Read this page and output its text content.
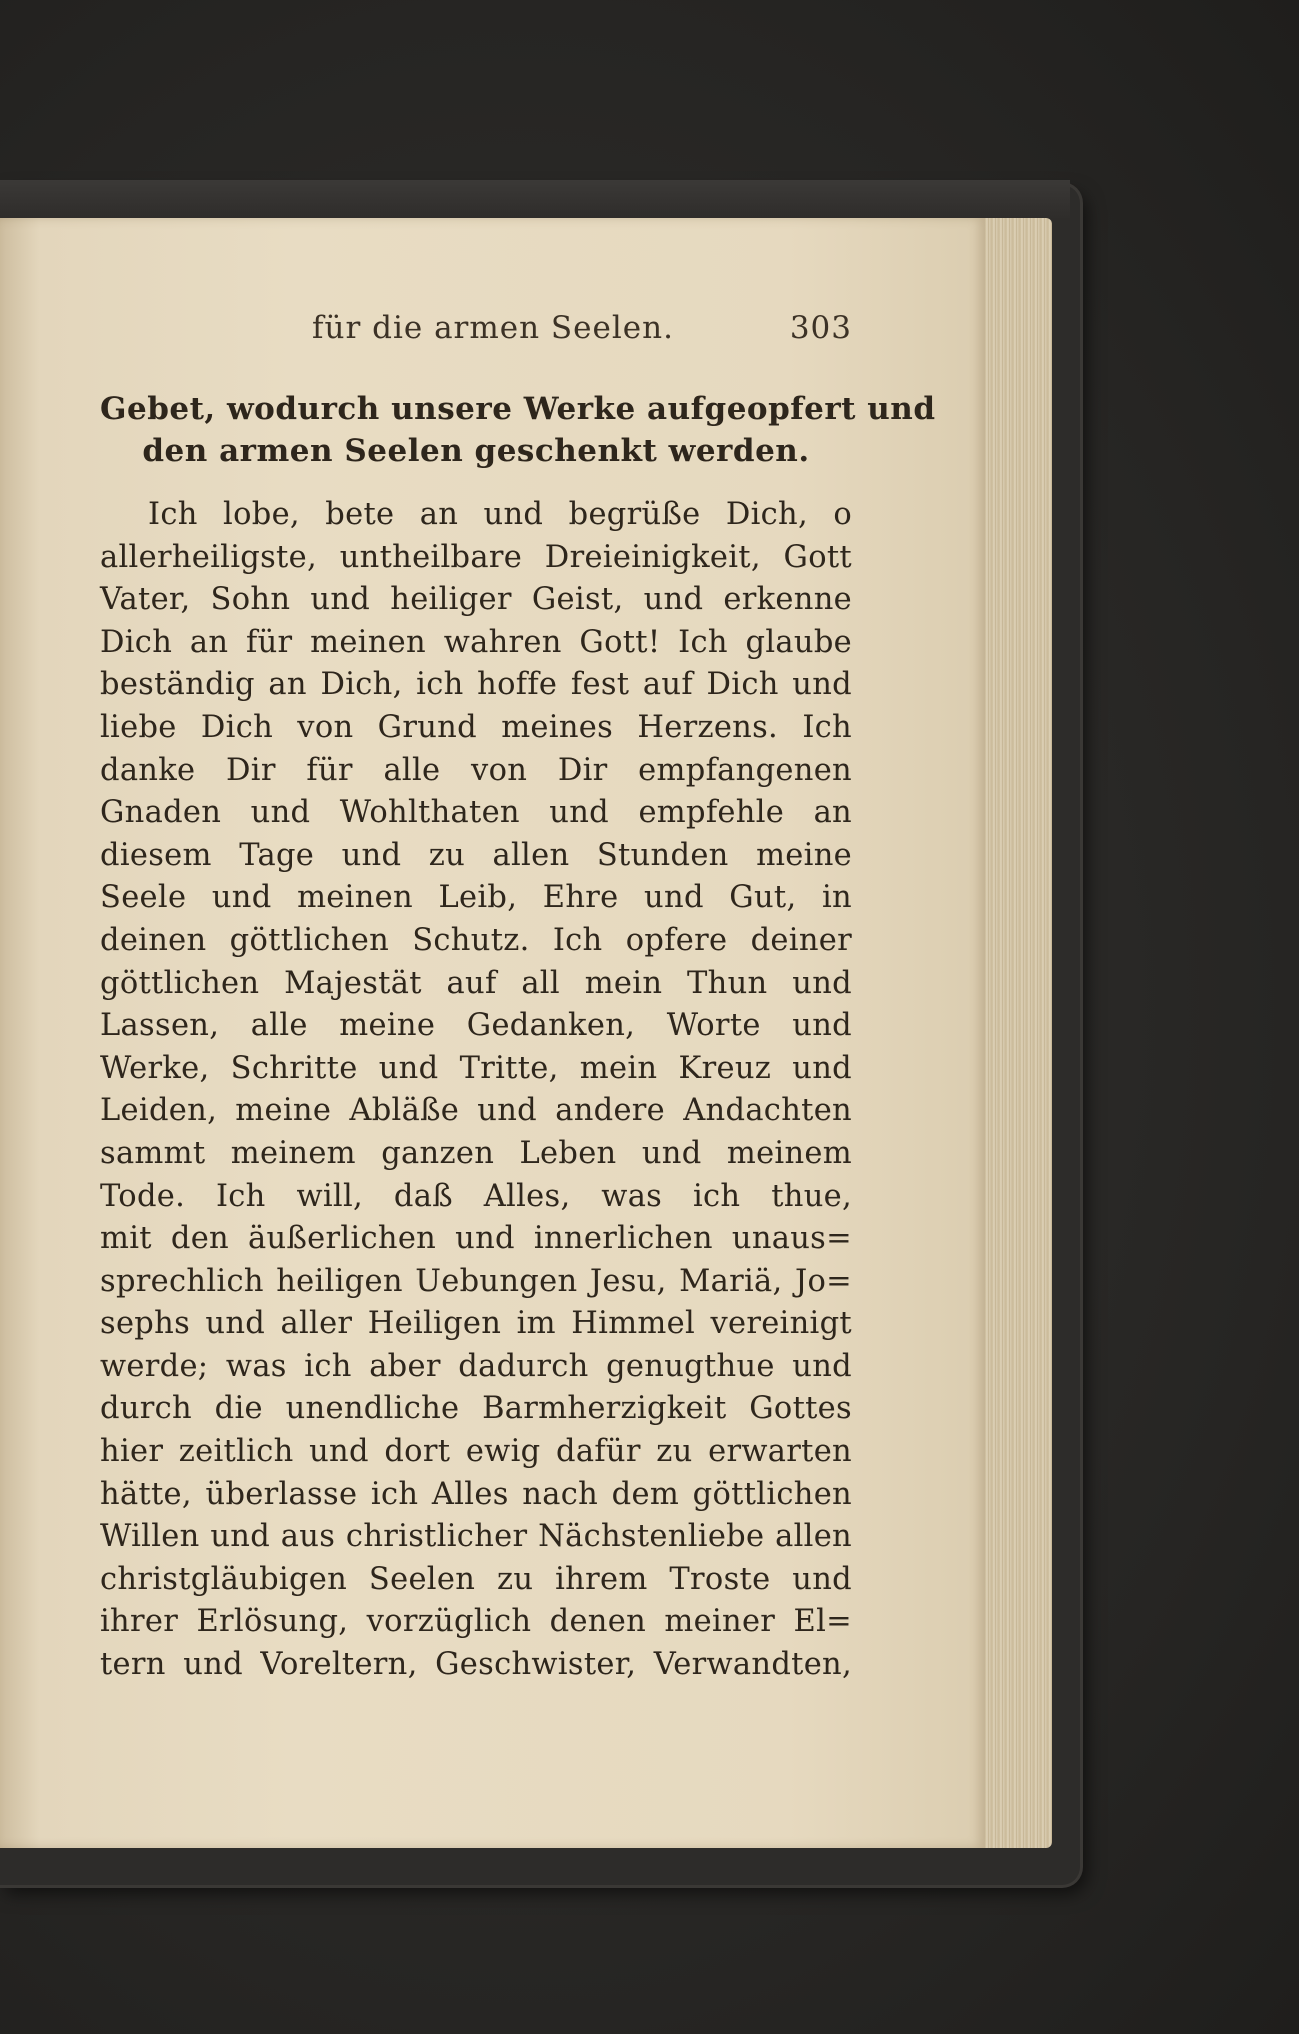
für die armen Seelen.	303
Gebet, wodurch unsere Werke aufgeopfert und
den armen Seelen geschenkt werden.
Ich lobe, bete an und begrüße Dich, o
allerheiligste, untheilbare Dreieinigkeit, Gott
Vater, Sohn und heiliger Geist, und erkenne
Dich an für meinen wahren Gott! Ich glaube
beständig an Dich, ich hoffe fest auf Dich und
liebe Dich von Grund meines Herzens. Ich
danke Dir für alle von Dir empfangenen
Gnaden und Wohlthaten und empfehle an
diesem Tage und zu allen Stunden meine
Seele und meinen Leib, Ehre und Gut, in
deinen göttlichen Schutz. Ich opfere deiner
göttlichen Majestät auf all mein Thun und
Lassen, alle meine Gedanken, Worte und
Werke, Schritte und Tritte, mein Kreuz und
Leiden, meine Abläße und andere Andachten
sammt meinem ganzen Leben und meinem
Tode. Ich will, daß Alles, was ich thue,
mit den äußerlichen und innerlichen unaus=
sprechlich heiligen Uebungen Jesu, Mariä, Jo=
sephs und aller Heiligen im Himmel vereinigt
werde; was ich aber dadurch genugthue und
durch die unendliche Barmherzigkeit Gottes
hier zeitlich und dort ewig dafür zu erwarten
hätte, überlasse ich Alles nach dem göttlichen
Willen und aus christlicher Nächstenliebe allen
christgläubigen Seelen zu ihrem Troste und
ihrer Erlösung, vorzüglich denen meiner El=
tern und Voreltern, Geschwister, Verwandten,
